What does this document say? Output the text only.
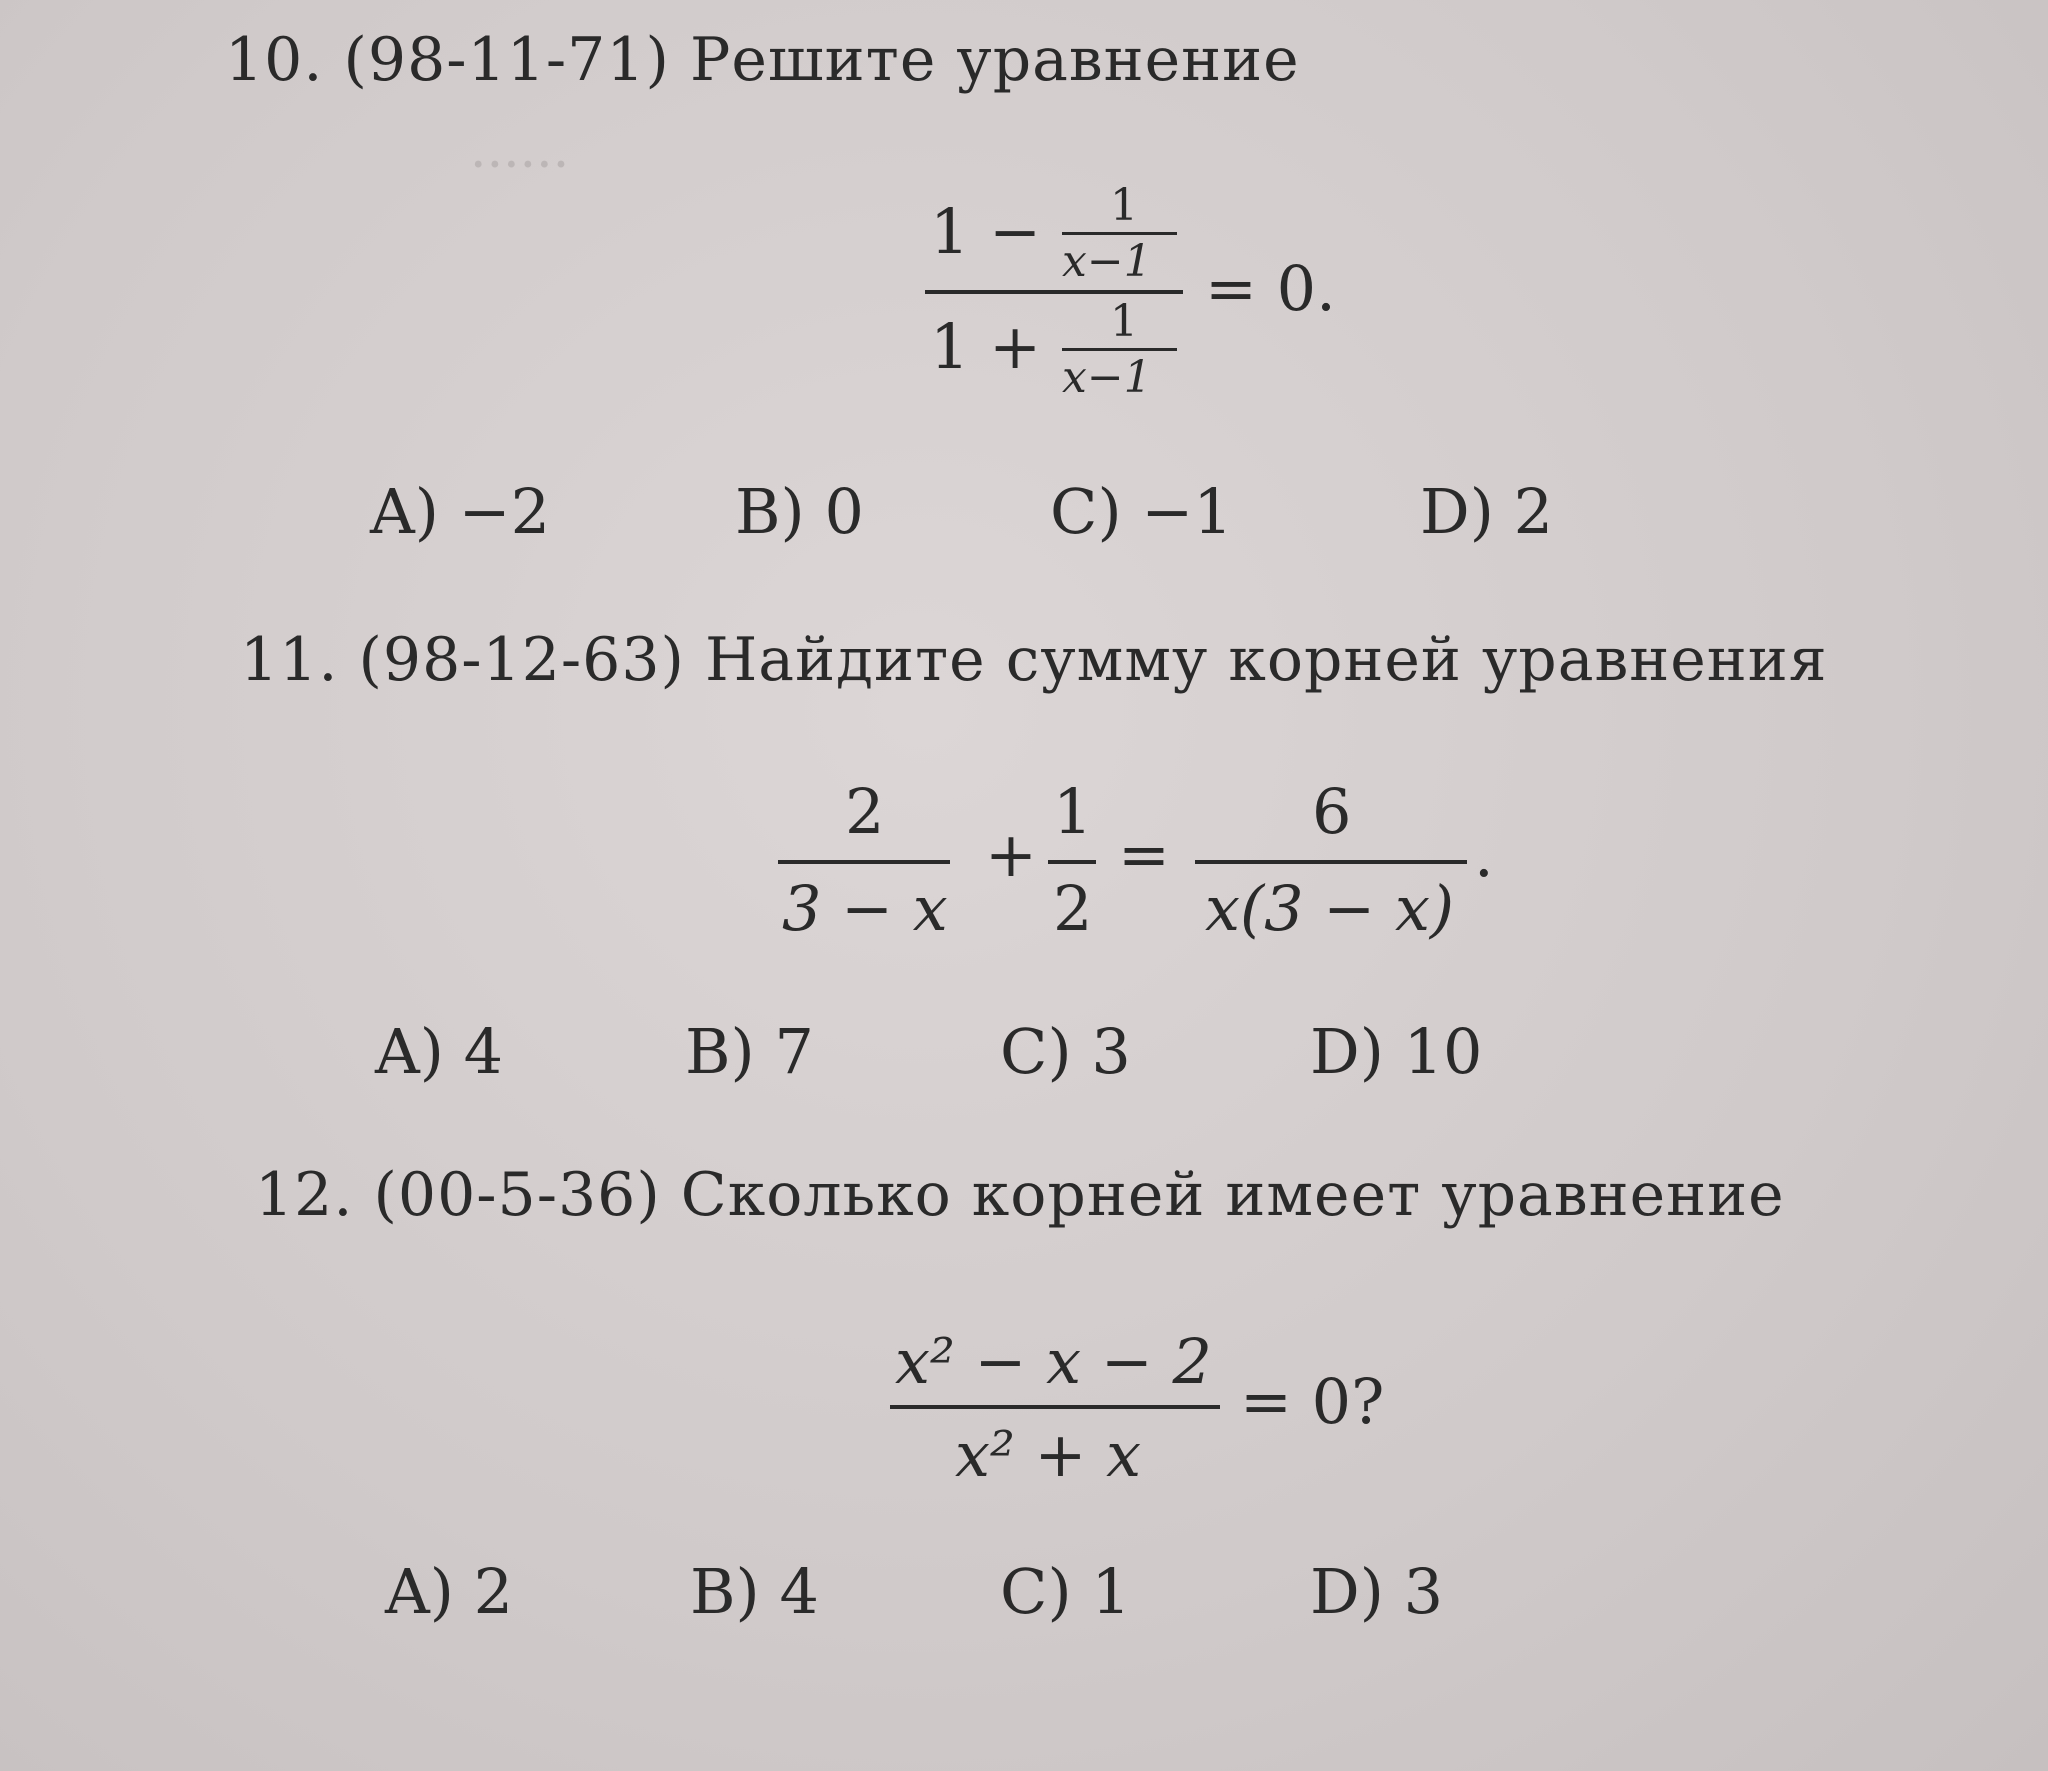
......
10. (98-11-71) Решите уравнение
1 − 1
x−1
1 + 1
x−1
= 0.
A) −2	B) 0	C) −1	D) 2
11. (98-12-63) Найдите сумму корней уравнения
2
3 − x
+
1
2
=
6
x(3 − x)
.
A) 4	B) 7	C) 3	D) 10
12. (00-5-36) Сколько корней имеет уравнение
x² − x − 2
x² + x
= 0?
A) 2	B) 4	C) 1	D) 3
